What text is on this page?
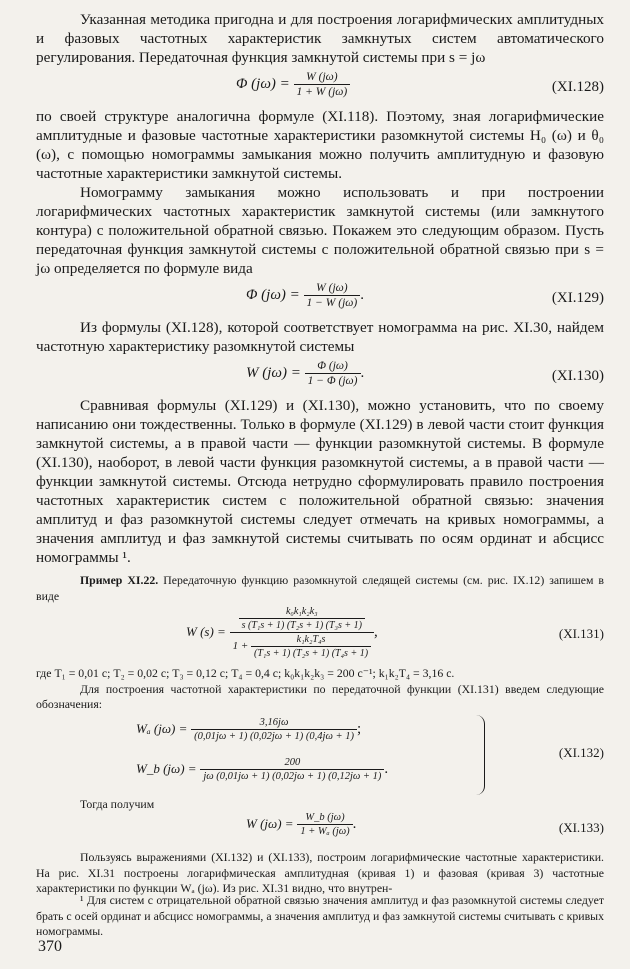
Указанная методика пригодна и для построения логарифмических амплитудных и фазовых частотных характеристик замкнутых систем автоматического регулирования. Передаточная функция замкнутой системы при s = jω

Φ $(j\omega) = \frac{W (j\omega)}{1 + W (j\omega)}$	(XI.128)

по своей структуре аналогична формуле (XI.118). Поэтому, зная логарифмические амплитудные и фазовые частотные характеристики разомкнутой системы H₀ (ω) и θ₀ (ω), с помощью номограммы замыкания можно получить амплитудную и фазовую частотные характеристики замкнутой системы.

Номограмму замыкания можно использовать и при построении логарифмических частотных характеристик замкнутой системы (или замкнутого контура) с положительной обратной связью. Покажем это следующим образом. Пусть передаточная функция замкнутой системы с положительной обратной связью при s = jω определяется по формуле вида

Φ $(j\omega) = \frac{W (j\omega)}{1 - W (j\omega)}$ .	(XI.129)

Из формулы (XI.128), которой соответствует номограмма на рис. XI.30, найдем частотную характеристику разомкнутой системы

W $(j\omega) = \frac{\Phi (j\omega)}{1 - \Phi (j\omega)}$ .	(XI.130)

Сравнивая формулы (XI.129) и (XI.130), можно установить, что по своему написанию они тождественны. Только в формуле (XI.129) в левой части стоит функция замкнутой системы, а в правой части — функции разомкнутой системы. В формуле (XI.130), наоборот, в левой части функция разомкнутой системы, а в правой части — функции замкнутой системы. Отсюда нетрудно сформулировать правило построения частотных характеристик систем с положительной обратной связью: значения амплитуд и фаз разомкнутой системы следует отмечать на кривых номограммы, а значения амплитуд и фаз замкнутой системы считывать по осям ординат и абсцисс номограммы ¹.

Пример XI.22. Передаточную функцию разомкнутой следящей системы (см. рис. IX.12) запишем в виде

W (s) =
$\frac{\text{k₀k₁k₂k₃}}{\text{s (T₁s + 1) (T₂s + 1) (T₃s + 1)}}$
$1 + \frac{\text{k₁k₂T₄s}}{\text{(T₁s + 1) (T₂s + 1) (T₄s + 1)}}$
,	(XI.131)

где T₁ = 0,01 с; T₂ = 0,02 с; T₃ = 0,12 с; T₄ = 0,4 с; k₀k₁k₂k₃ = 200 с⁻¹; k₁k₂T₄ = 3,16 с.

Для построения частотной характеристики по передаточной функции (XI.131) введем следующие обозначения:

Wₐ $(j\omega) = \frac{3,16j\omega}{(0,01j\omega + 1) (0,02j\omega + 1) (0,4j\omega + 1)}$ ;
W_b $(j\omega) = \frac{200}{j\omega (0,01j\omega + 1) (0,02j\omega + 1) (0,12j\omega + 1)}$ .
(XI.132)

Тогда получим

W $(j\omega) = \frac{W\_b (j\omega)}{\text{1 + Wₐ (jω)}}$ .	(XI.133)

Пользуясь выражениями (XI.132) и (XI.133), построим логарифмические частотные характеристики. На рис. XI.31 построены логарифмическая амплитудная (кривая 1) и фазовая (кривая 3) частотные характеристики по функции Wₐ (jω). Из рис. XI.31 видно, что внутрен-

¹ Для систем с отрицательной обратной связью значения амплитуд и фаз разомкнутой системы следует брать с осей ординат и абсцисс номограммы, а значения амплитуд и фаз замкнутой системы считывать с кривых номограммы.

370
